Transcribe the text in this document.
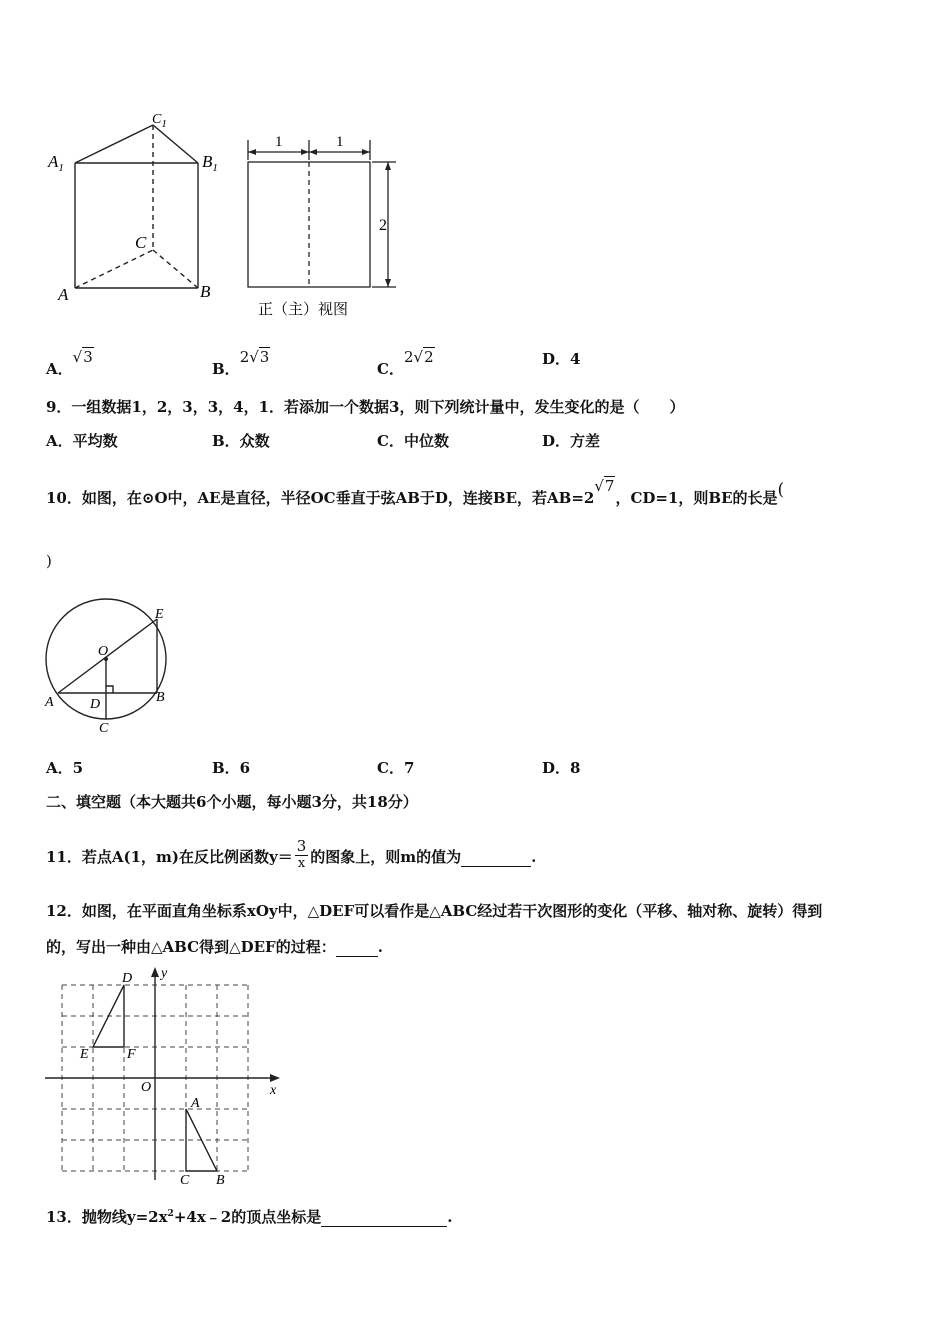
$C_1$
$A_1$	$B_1$
C
A	B
1	1
2
正（主）视图
A．√3
B．2√3
C．2√2	D．4
9．一组数据1，2，3，3，4，1．若添加一个数据3，则下列统计量中，发生变化的是（　　）
A．平均数	B．众数	C．中位数	D．方差
10．如图，在⊙O中，AE是直径，半径OC垂直于弦AB于D，连接BE，若AB=2√7，CD=1，则BE的长是(
)
O
E
A	D	B
C
A．5	B．6	C．7	D．8
二、填空题（本大题共6个小题，每小题3分，共18分）
11．若点A(1，m)在反比例函数$y= \frac{3}{x}$ 的图象上，则m的值为	.
12．如图，在平面直角坐标系xOy中，△DEF可以看作是△ABC经过若干次图形的变化（平移、轴对称、旋转）得到
的，写出一种由△ABC得到△DEF的过程：	.
D y
E	F
O	x
A
C B
13．抛物线$y=2x^2+4x﹣2$的顶点坐标是	.
